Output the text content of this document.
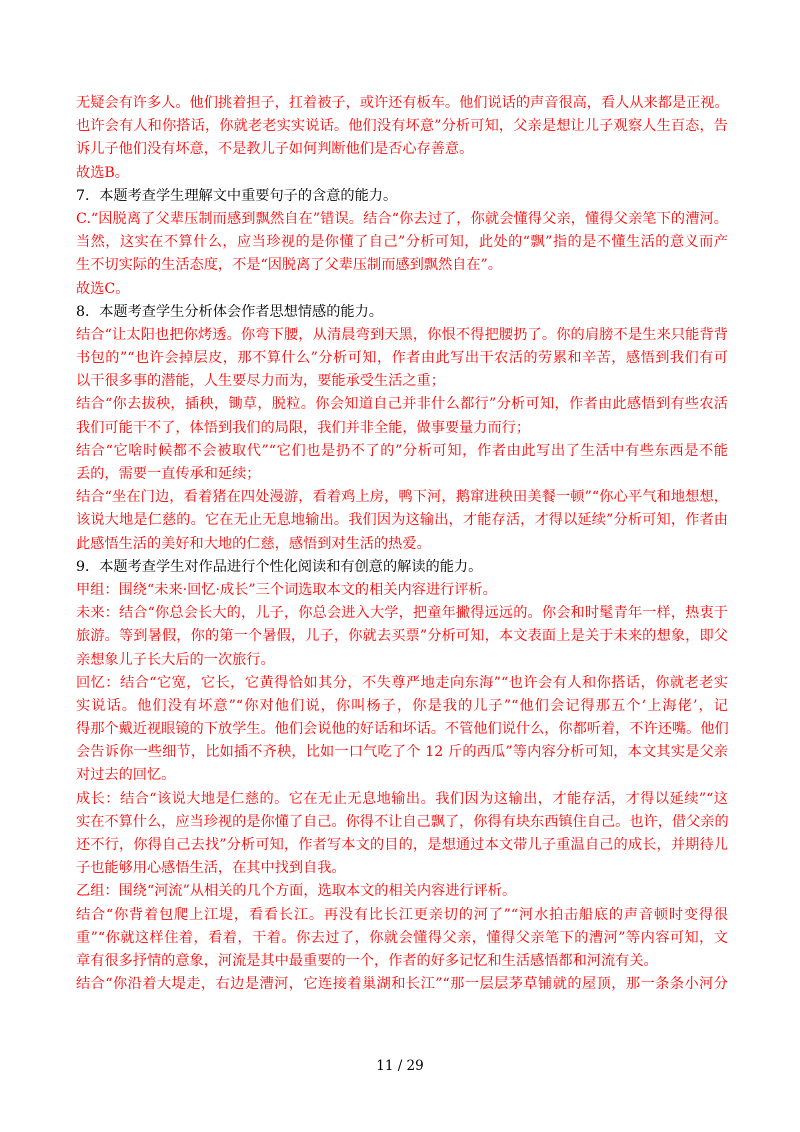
无疑会有许多人。他们挑着担子，扛着被子，或许还有板车。他们说话的声音很高，看人从来都是正视。
也许会有人和你搭话，你就老老实实说话。他们没有坏意”分析可知，父亲是想让儿子观察人生百态，告
诉儿子他们没有坏意，不是教儿子如何判断他们是否心存善意。
故选B。
7．本题考查学生理解文中重要句子的含意的能力。
C.“因脱离了父辈压制而感到飘然自在”错误。结合“你去过了，你就会懂得父亲，懂得父亲笔下的漕河。
当然，这实在不算什么，应当珍视的是你懂了自己”分析可知，此处的“飘”指的是不懂生活的意义而产
生不切实际的生活态度，不是“因脱离了父辈压制而感到飘然自在”。
故选C。
8．本题考查学生分析体会作者思想情感的能力。
结合“让太阳也把你烤透。你弯下腰，从清晨弯到天黑，你恨不得把腰扔了。你的肩膀不是生来只能背背
书包的”“也许会掉层皮，那不算什么”分析可知，作者由此写出干农活的劳累和辛苦，感悟到我们有可
以干很多事的潜能，人生要尽力而为，要能承受生活之重；
结合“你去拔秧，插秧，锄草，脱粒。你会知道自己并非什么都行”分析可知，作者由此感悟到有些农活
我们可能干不了，体悟到我们的局限，我们并非全能，做事要量力而行；
结合“它啥时候都不会被取代”“它们也是扔不了的”分析可知，作者由此写出了生活中有些东西是不能
丢的，需要一直传承和延续；
结合“坐在门边，看着猪在四处漫游，看着鸡上房，鸭下河，鹅窜进秧田美餐一顿”“你心平气和地想想，
该说大地是仁慈的。它在无止无息地输出。我们因为这输出，才能存活，才得以延续”分析可知，作者由
此感悟生活的美好和大地的仁慈，感悟到对生活的热爱。
9．本题考查学生对作品进行个性化阅读和有创意的解读的能力。
甲组：围绕“未来·回忆·成长”三个词选取本文的相关内容进行评析。
未来：结合“你总会长大的，儿子，你总会进入大学，把童年撇得远远的。你会和时髦青年一样，热衷于
旅游。等到暑假，你的第一个暑假，儿子，你就去买票”分析可知，本文表面上是关于未来的想象，即父
亲想象儿子长大后的一次旅行。
回忆：结合“它宽，它长，它黄得恰如其分，不失尊严地走向东海”“也许会有人和你搭话，你就老老实
实说话。他们没有坏意”“你对他们说，你叫杨子，你是我的儿子”“他们会记得那五个‘上海佬’，记
得那个戴近视眼镜的下放学生。他们会说他的好话和坏话。不管他们说什么，你都听着，不许还嘴。他们
会告诉你一些细节，比如插不齐秧，比如一口气吃了个 12 斤的西瓜”等内容分析可知，本文其实是父亲
对过去的回忆。
成长：结合“该说大地是仁慈的。它在无止无息地输出。我们因为这输出，才能存活，才得以延续”“这
实在不算什么，应当珍视的是你懂了自己。你得不让自己飘了，你得有块东西镇住自己。也许，借父亲的
还不行，你得自己去找”分析可知，作者写本文的目的，是想通过本文带儿子重温自己的成长，并期待儿
子也能够用心感悟生活，在其中找到自我。
乙组：围绕“河流”从相关的几个方面，选取本文的相关内容进行评析。
结合“你背着包爬上江堤，看看长江。再没有比长江更亲切的河了”“河水拍击船底的声音顿时变得很
重”“你就这样住着，看着，干着。你去过了，你就会懂得父亲，懂得父亲笔下的漕河”等内容可知，文
章有很多抒情的意象，河流是其中最重要的一个，作者的好多记忆和生活感悟都和河流有关。
结合“你沿着大堤走，右边是漕河，它连接着巢湖和长江”“那一层层茅草铺就的屋顶，那一条条小河分
11 / 29
